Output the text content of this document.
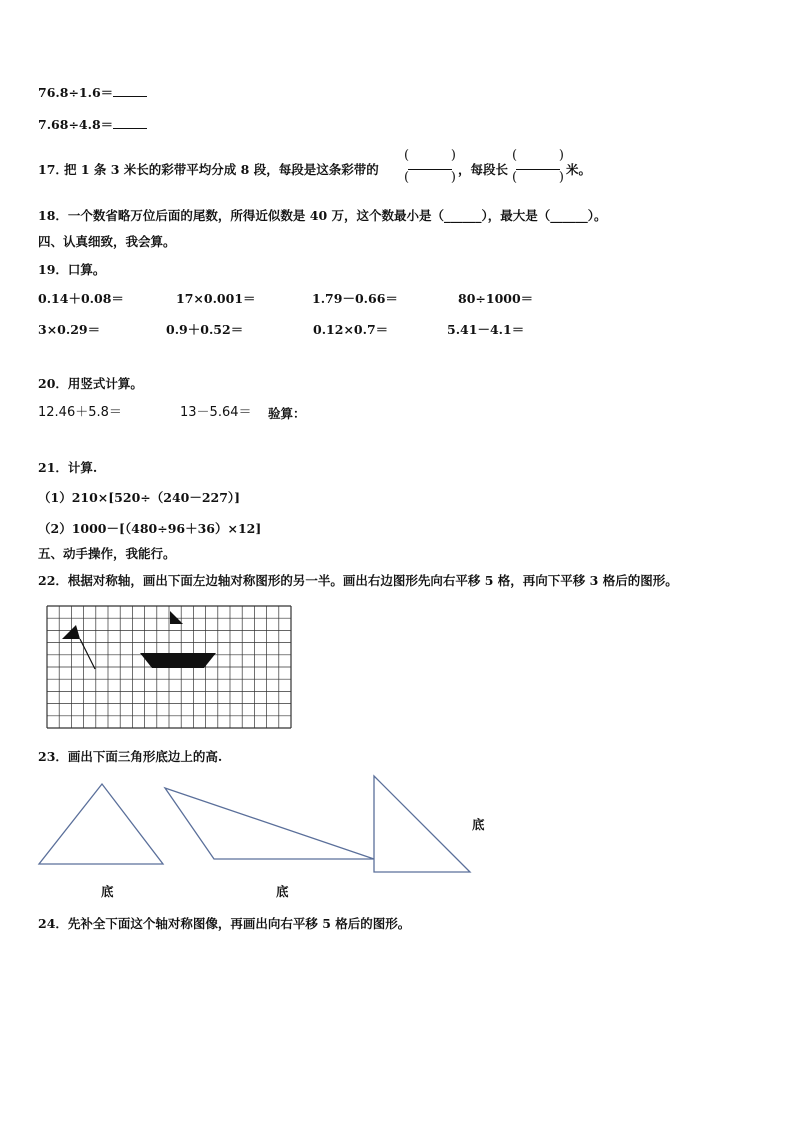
76.8÷1.6＝
7.68÷4.8＝
17．
把 1 条 3 米长的彩带平均分成 8 段，每段是这条彩带的
(	)
(	)
，每段长
(	)
(	)
米。
18．一个数省略万位后面的尾数，所得近似数是 40 万，这个数最小是（______），最大是（______）。
四、认真细致，我会算。
19．口算。
0.14＋0.08＝	17×0.001＝	1.79－0.66＝	80÷1000＝
3×0.29＝	0.9＋0.52＝	0.12×0.7＝	5.41－4.1＝
20．用竖式计算。
12.46＋5.8＝	13－5.64＝ 验算：
21．计算.
（1）210×[520÷（240－227）]
（2）1000－[（480÷96＋36）×12]
五、动手操作，我能行。
22．根据对称轴，画出下面左边轴对称图形的另一半。画出右边图形先向右平移 5 格，再向下平移 3 格后的图形。
23．画出下面三角形底边上的高.
底	底
底
24．先补全下面这个轴对称图像，再画出向右平移 5 格后的图形。
